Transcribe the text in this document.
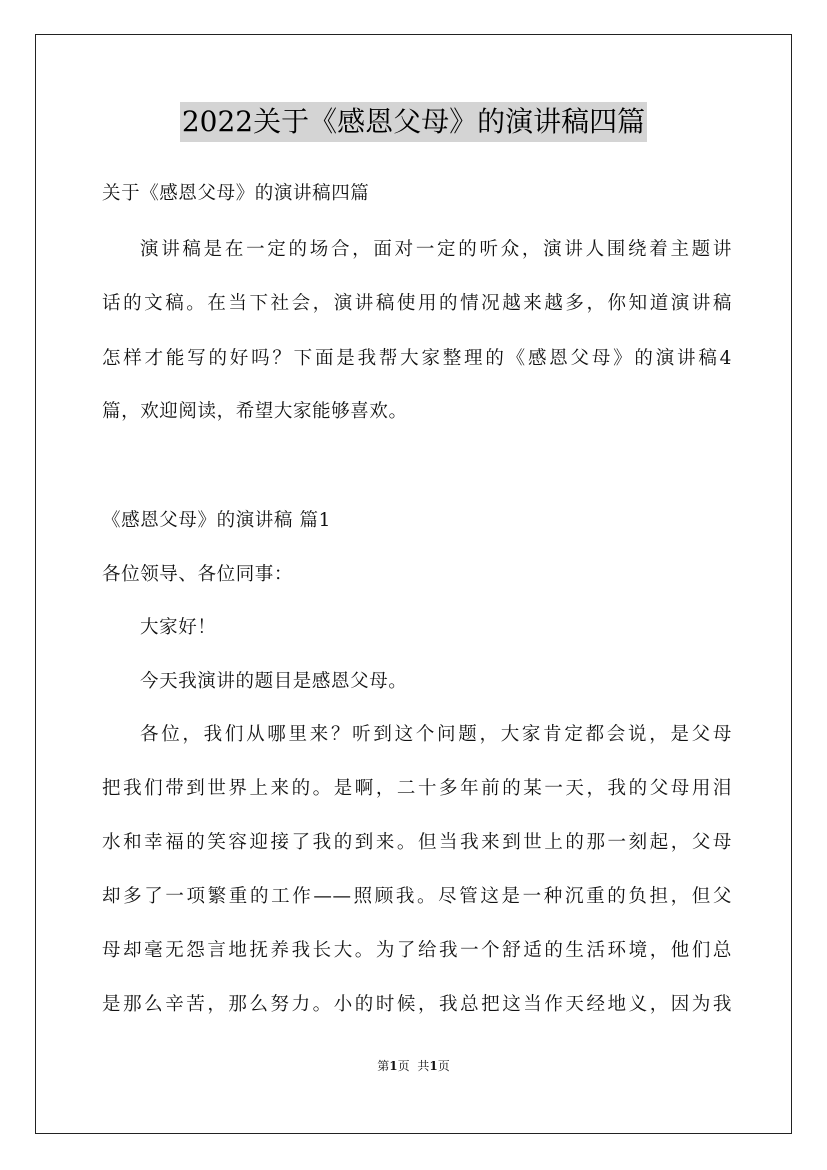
2022关于《感恩父母》的演讲稿四篇
关于《感恩父母》的演讲稿四篇
演讲稿是在一定的场合，面对一定的听众，演讲人围绕着主题讲
话的文稿。在当下社会，演讲稿使用的情况越来越多，你知道演讲稿
怎样才能写的好吗？下面是我帮大家整理的《感恩父母》的演讲稿4
篇，欢迎阅读，希望大家能够喜欢。
《感恩父母》的演讲稿 篇1
各位领导、各位同事：
大家好！
今天我演讲的题目是感恩父母。
各位，我们从哪里来？听到这个问题，大家肯定都会说，是父母
把我们带到世界上来的。是啊，二十多年前的某一天，我的父母用泪
水和幸福的笑容迎接了我的到来。但当我来到世上的那一刻起，父母
却多了一项繁重的工作——照顾我。尽管这是一种沉重的负担，但父
母却毫无怨言地抚养我长大。为了给我一个舒适的生活环境，他们总
是那么辛苦，那么努力。小的时候，我总把这当作天经地义，因为我
第1页 共1页
